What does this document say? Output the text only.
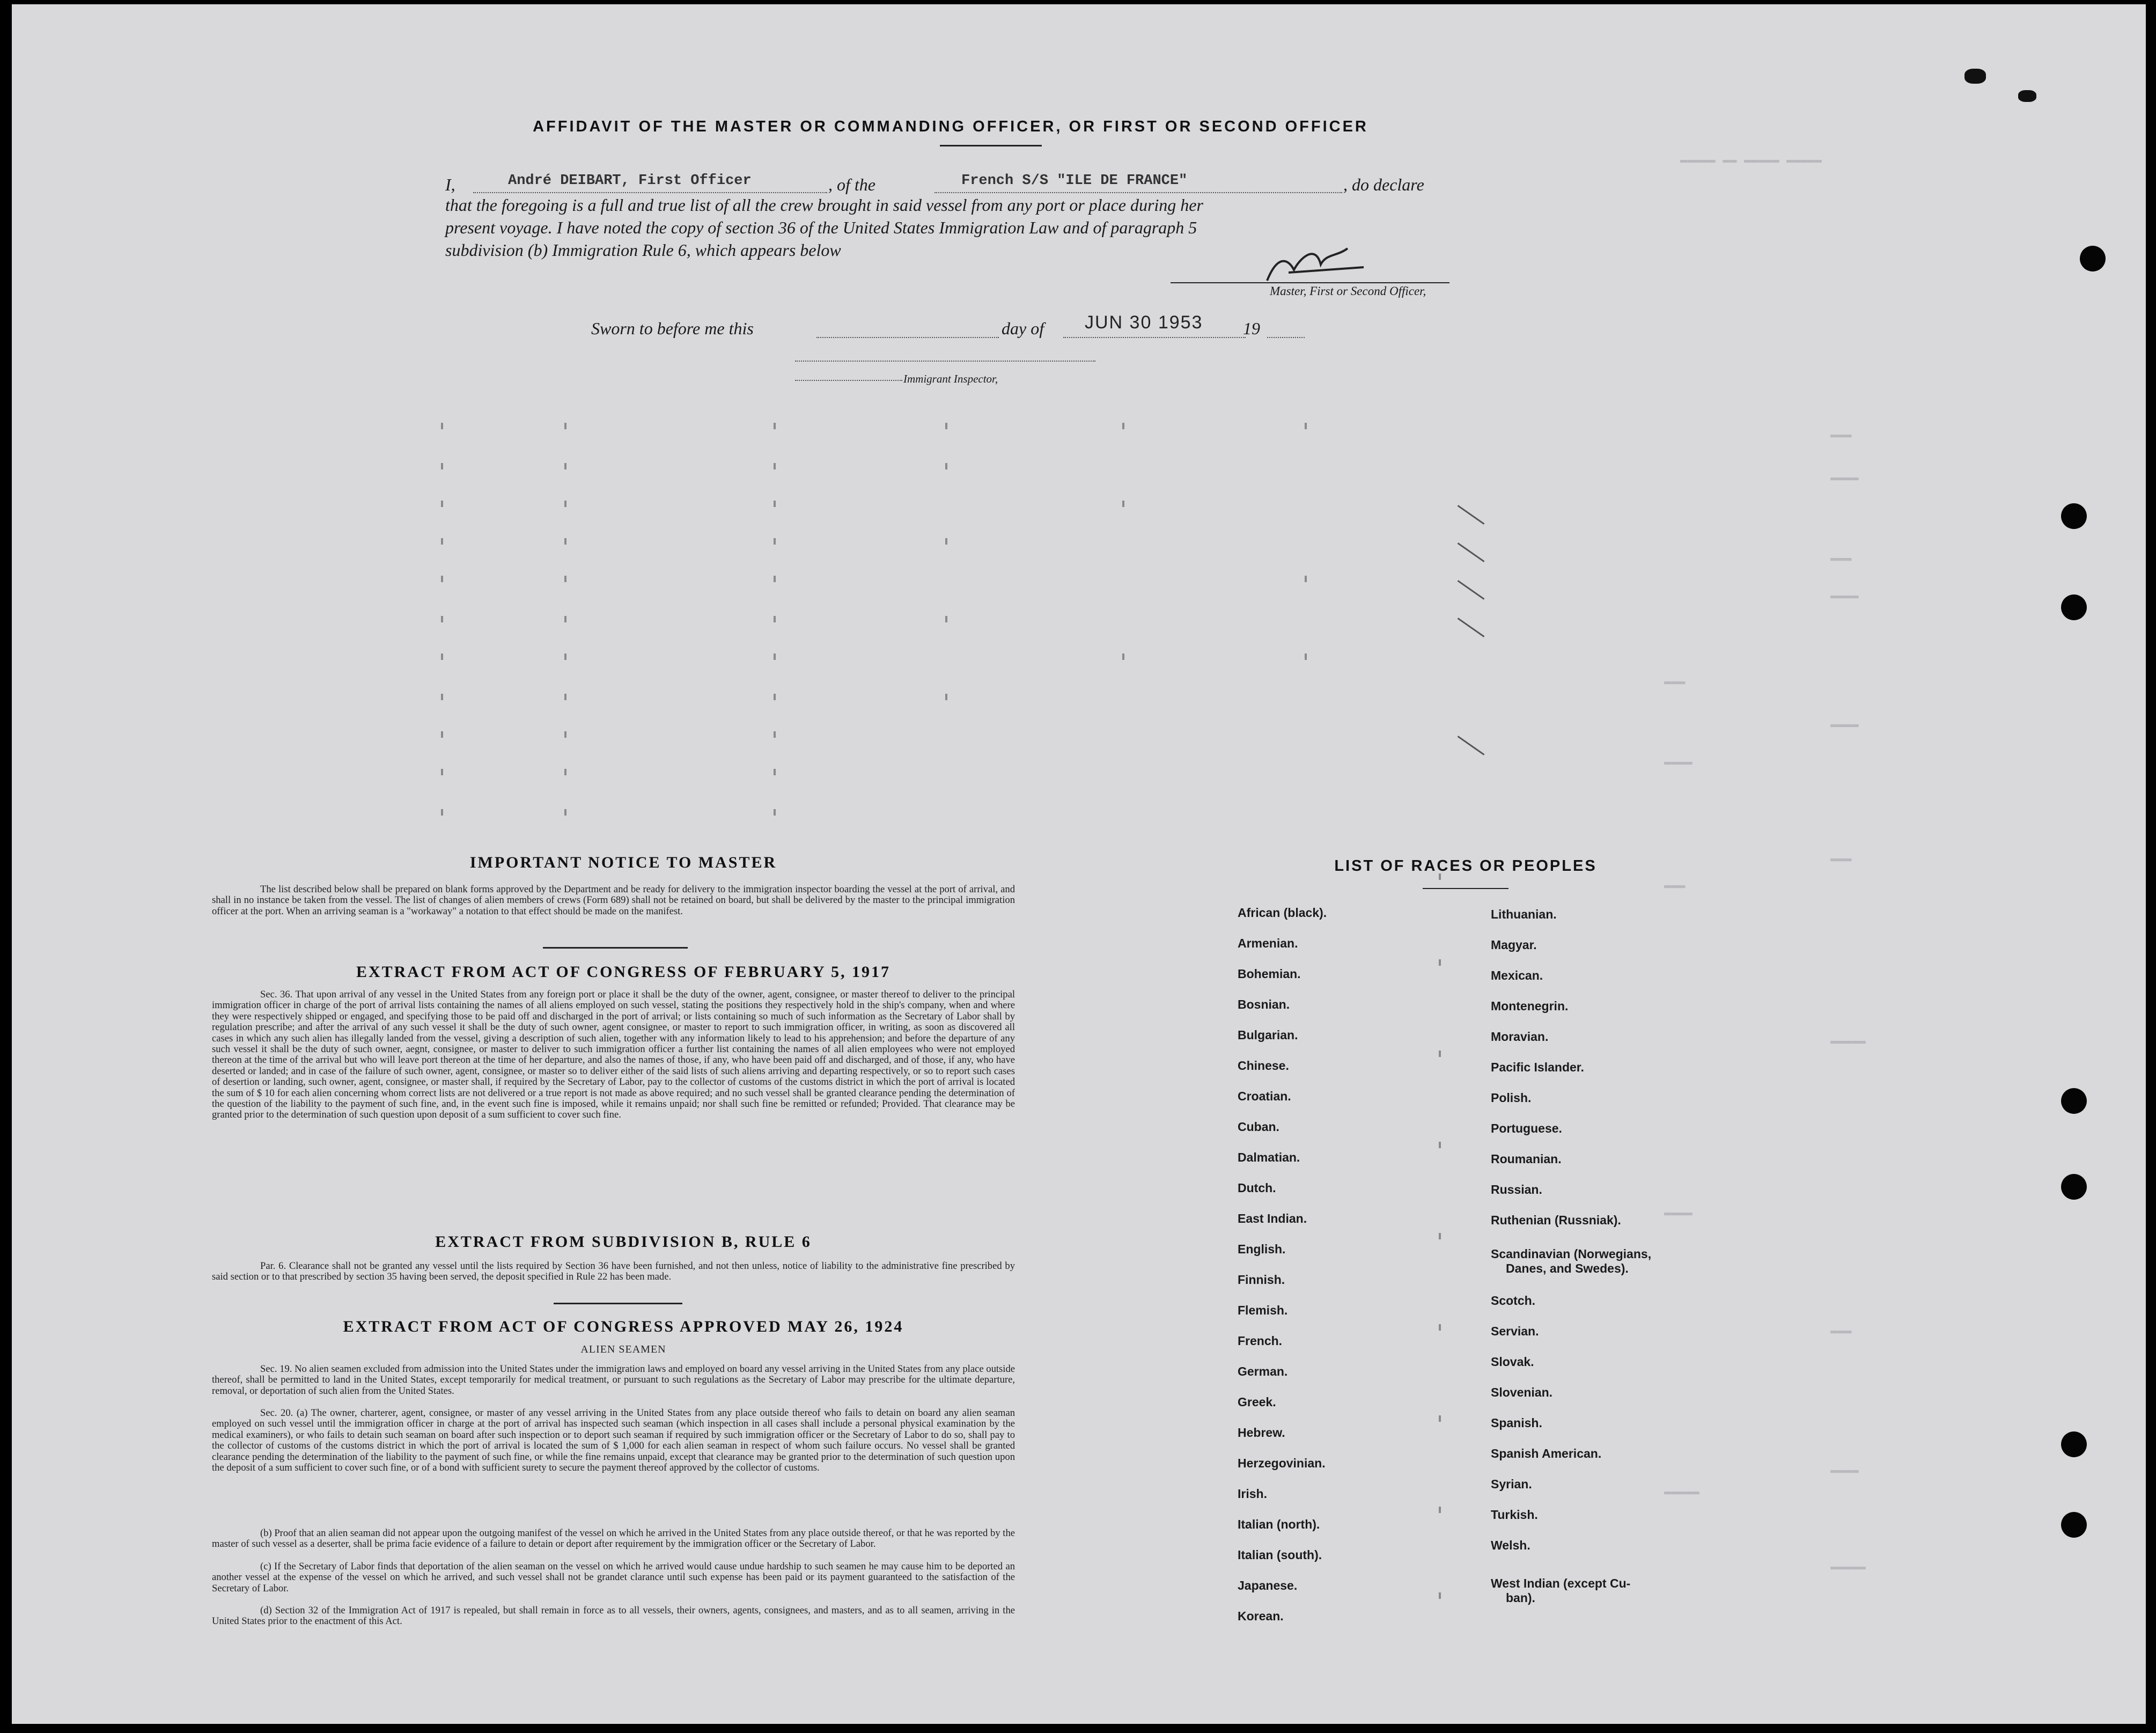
▬▬▬▬▬ ▬▬ ▬▬▬▬▬ ▬▬▬▬▬
▬▬▬
▬▬▬▬
▬▬▬
▬▬▬▬
▬▬▬▬
▬▬▬
▬▬▬▬▬
▬▬▬
▬▬▬▬
▬▬▬▬▬
▬▬▬
▬▬▬▬
▬▬▬
▬▬▬▬
▬▬▬▬▬
AFFIDAVIT OF THE MASTER OR COMMANDING OFFICER, OR FIRST OR SECOND OFFICER
I,	André DEIBART, First Officer	, of the	French S/S "ILE DE FRANCE"	, do declare
that the foregoing is a full and true list of all the crew brought in said vessel from any port or place during her
present voyage. I have noted the copy of section 36 of the United States Immigration Law and of paragraph 5
subdivision (b) Immigration Rule 6, which appears below
Master, First or Second Officer,
Sworn to before me this	day of JUN 30 1953 19
Immigrant Inspector,
IMPORTANT NOTICE TO MASTER
The list described below shall be prepared on blank forms approved by the Department and be ready for delivery to the immigration inspector boarding the vessel at the port of arrival, and shall in no instance be taken from the vessel. The list of changes of alien members of crews (Form 689) shall not be retained on board, but shall be delivered by the master to the principal immigration officer at the port. When an arriving seaman is a "workaway" a notation to that effect should be made on the manifest.
EXTRACT FROM ACT OF CONGRESS OF FEBRUARY 5, 1917
Sec. 36. That upon arrival of any vessel in the United States from any foreign port or place it shall be the duty of the owner, agent, consignee, or master thereof to deliver to the principal immigration officer in charge of the port of arrival lists containing the names of all aliens employed on such vessel, stating the positions they respectively hold in the ship's company, when and where they were respectively shipped or engaged, and specifying those to be paid off and discharged in the port of arrival; or lists containing so much of such information as the Secretary of Labor shall by regulation prescribe; and after the arrival of any such vessel it shall be the duty of such owner, agent consignee, or master to report to such immigration officer, in writing, as soon as discovered all cases in which any such alien has illegally landed from the vessel, giving a description of such alien, together with any information likely to lead to his apprehension; and before the departure of any such vessel it shall be the duty of such owner, aegnt, consignee, or master to deliver to such immigration officer a further list containing the names of all alien employees who were not employed thereon at the time of the arrival but who will leave port thereon at the time of her departure, and also the names of those, if any, who have been paid off and discharged, and of those, if any, who have deserted or landed; and in case of the failure of such owner, agent, consignee, or master so to deliver either of the said lists of such aliens arriving and departing respectively, or so to report such cases of desertion or landing, such owner, agent, consignee, or master shall, if required by the Secretary of Labor, pay to the collector of customs of the customs district in which the port of arrival is located the sum of $ 10 for each alien concerning whom correct lists are not delivered or a true report is not made as above required; and no such vessel shall be granted clearance pending the determination of the question of the liability to the payment of such fine, and, in the event such fine is imposed, while it remains unpaid; nor shall such fine be remitted or refunded; Provided. That clearance may be granted prior to the determination of such question upon deposit of a sum sufficient to cover such fine.
EXTRACT FROM SUBDIVISION B, RULE 6
Par. 6. Clearance shall not be granted any vessel until the lists required by Section 36 have been furnished, and not then unless, notice of liability to the administrative fine prescribed by said section or to that prescribed by section 35 having been served, the deposit specified in Rule 22 has been made.
EXTRACT FROM ACT OF CONGRESS APPROVED MAY 26, 1924
ALIEN SEAMEN
Sec. 19. No alien seamen excluded from admission into the United States under the immigration laws and employed on board any vessel arriving in the United States from any place outside thereof, shall be permitted to land in the United States, except temporarily for medical treatment, or pursuant to such regulations as the Secretary of Labor may prescribe for the ultimate departure, removal, or deportation of such alien from the United States.
Sec. 20. (a) The owner, charterer, agent, consignee, or master of any vessel arriving in the United States from any place outside thereof who fails to detain on board any alien seaman employed on such vessel until the immigration officer in charge at the port of arrival has inspected such seaman (which inspection in all cases shall include a personal physical examination by the medical examiners), or who fails to detain such seaman on board after such inspection or to deport such seaman if required by such immigration officer or the Secretary of Labor to do so, shall pay to the collector of customs of the customs district in which the port of arrival is located the sum of $ 1,000 for each alien seaman in respect of whom such failure occurs. No vessel shall be granted clearance pending the determination of the liability to the payment of such fine, or while the fine remains unpaid, except that clearance may be granted prior to the determination of such question upon the deposit of a sum sufficient to cover such fine, or of a bond with sufficient surety to secure the payment thereof approved by the collector of customs.
(b) Proof that an alien seaman did not appear upon the outgoing manifest of the vessel on which he arrived in the United States from any place outside thereof, or that he was reported by the master of such vessel as a deserter, shall be prima facie evidence of a failure to detain or deport after requirement by the immigration officer or the Secretary of Labor.
(c) If the Secretary of Labor finds that deportation of the alien seaman on the vessel on which he arrived would cause undue hardship to such seamen he may cause him to be deported an another vessel at the expense of the vessel on which he arrived, and such vessel shall not be grandet clarance until such expense has been paid or its payment guaranteed to the satisfaction of the Secretary of Labor.
(d) Section 32 of the Immigration Act of 1917 is repealed, but shall remain in force as to all vessels, their owners, agents, consignees, and masters, and as to all seamen, arriving in the United States prior to the enactment of this Act.
LIST OF RACES OR PEOPLES
African (black).
Armenian.
Bohemian.
Bosnian.
Bulgarian.
Chinese.
Croatian.
Cuban.
Dalmatian.
Dutch.
East Indian.
English.
Finnish.
Flemish.
French.
German.
Greek.
Hebrew.
Herzegovinian.
Irish.
Italian (north).
Italian (south).
Japanese.
Korean.
Lithuanian.
Magyar.
Mexican.
Montenegrin.
Moravian.
Pacific Islander.
Polish.
Portuguese.
Roumanian.
Russian.
Ruthenian (Russniak).
Scandinavian (Norwegians,
Danes, and Swedes).
Scotch.
Servian.
Slovak.
Slovenian.
Spanish.
Spanish American.
Syrian.
Turkish.
Welsh.
West Indian (except Cu-
ban).
